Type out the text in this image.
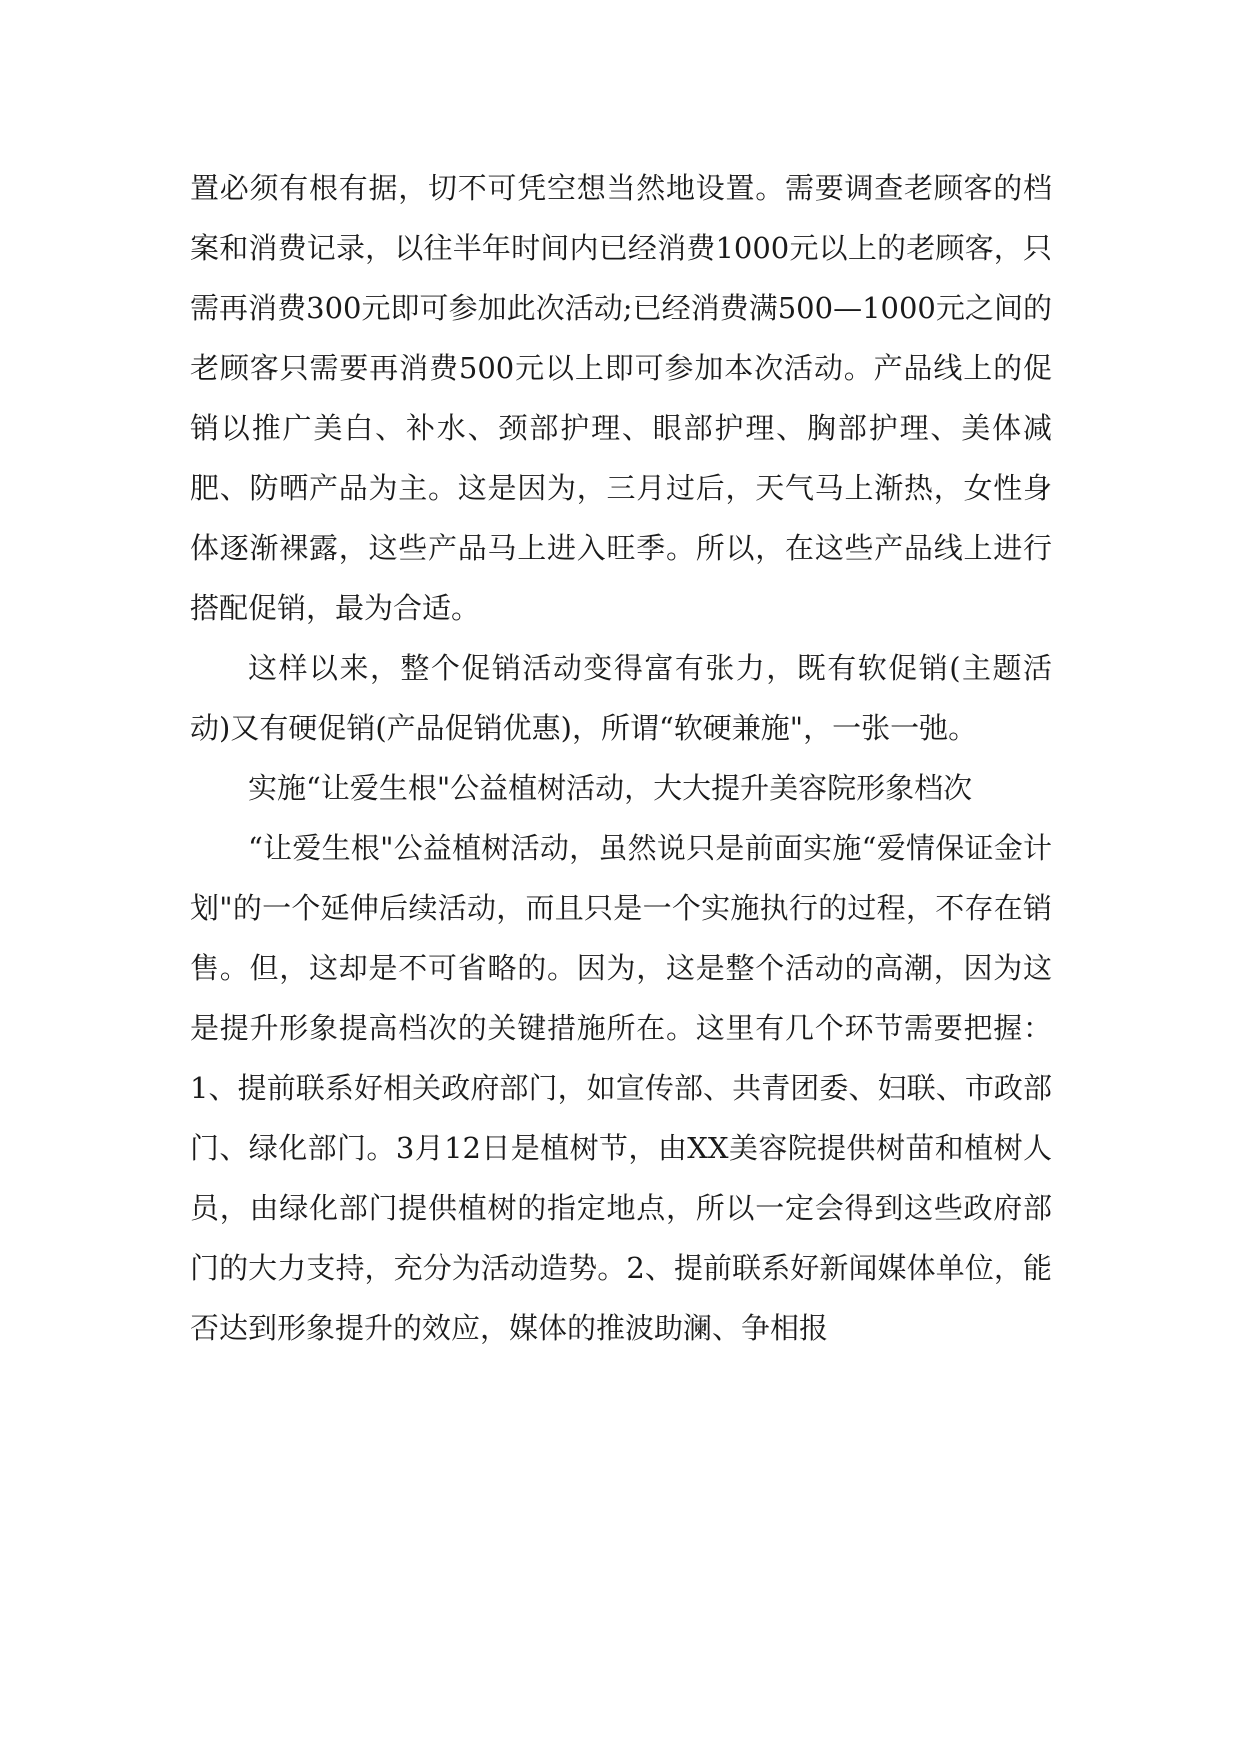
置必须有根有据，切不可凭空想当然地设置。需要调查老顾客的档案和消费记录，以往半年时间内已经消费1000元以上的老顾客，只需再消费300元即可参加此次活动;已经消费满500—1000元之间的老顾客只需要再消费500元以上即可参加本次活动。产品线上的促销以推广美白、补水、颈部护理、眼部护理、胸部护理、美体减肥、防晒产品为主。这是因为，三月过后，天气马上渐热，女性身体逐渐裸露，这些产品马上进入旺季。所以，在这些产品线上进行搭配促销，最为合适。

这样以来，整个促销活动变得富有张力，既有软促销(主题活动)又有硬促销(产品促销优惠)，所谓“软硬兼施"，一张一弛。

实施“让爱生根"公益植树活动，大大提升美容院形象档次

“让爱生根"公益植树活动，虽然说只是前面实施“爱情保证金计划"的一个延伸后续活动，而且只是一个实施执行的过程，不存在销售。但，这却是不可省略的。因为，这是整个活动的高潮，因为这是提升形象提高档次的关键措施所在。这里有几个环节需要把握：1、提前联系好相关政府部门，如宣传部、共青团委、妇联、市政部门、绿化部门。3月12日是植树节，由XX美容院提供树苗和植树人员，由绿化部门提供植树的指定地点，所以一定会得到这些政府部门的大力支持，充分为活动造势。2、提前联系好新闻媒体单位，能否达到形象提升的效应，媒体的推波助澜、争相报
